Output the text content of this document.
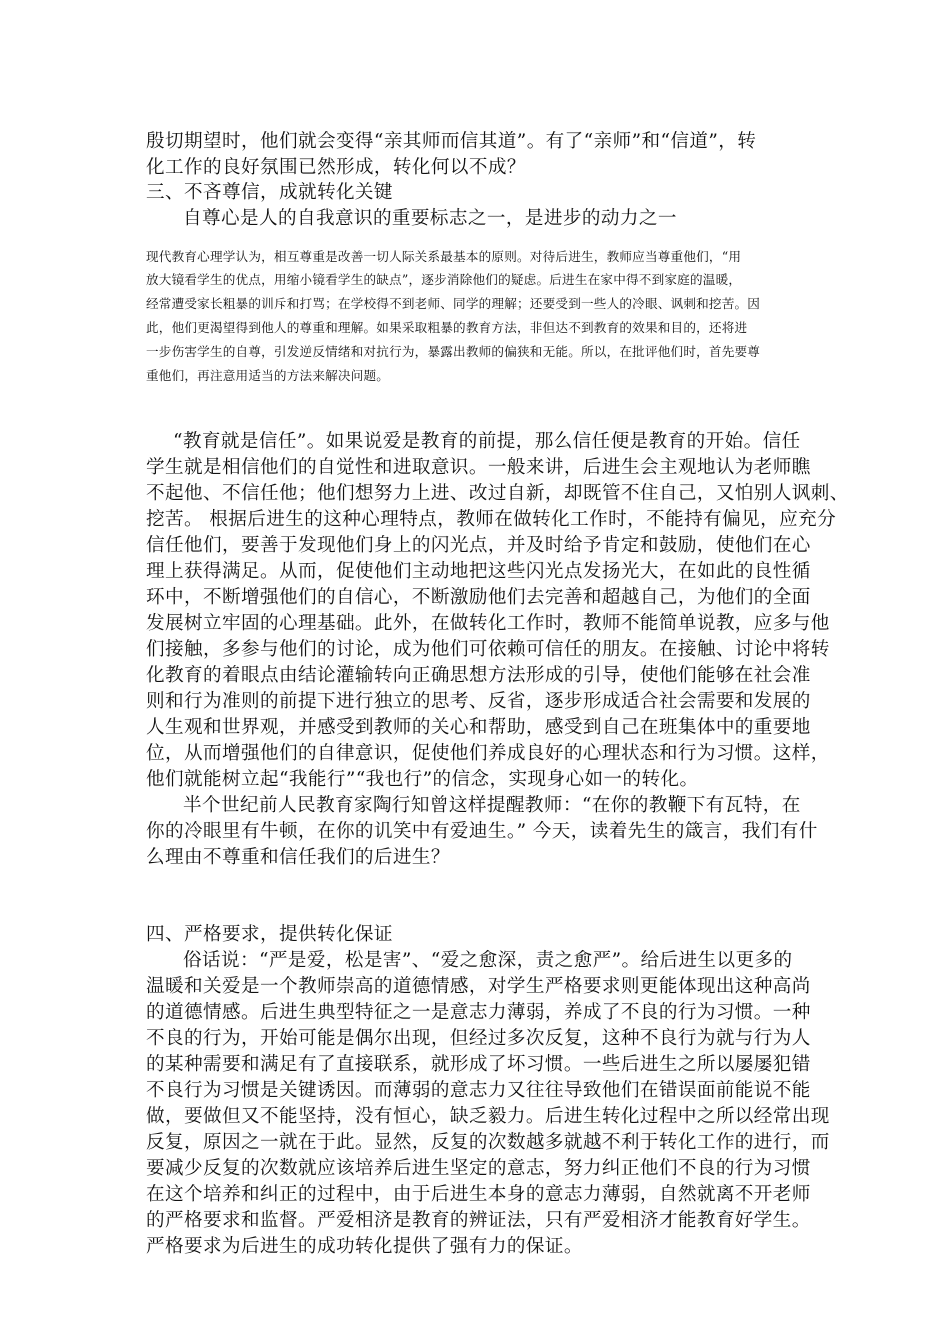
殷切期望时，他们就会变得“亲其师而信其道”。有了“亲师”和“信道”，转
化工作的良好氛围已然形成，转化何以不成？
三、不吝尊信，成就转化关键
自尊心是人的自我意识的重要标志之一，是进步的动力之一
现代教育心理学认为，相互尊重是改善一切人际关系最基本的原则。对待后进生，教师应当尊重他们，“用
放大镜看学生的优点，用缩小镜看学生的缺点”，逐步消除他们的疑虑。后进生在家中得不到家庭的温暖，
经常遭受家长粗暴的训斥和打骂；在学校得不到老师、同学的理解；还要受到一些人的冷眼、讽刺和挖苦。因
此，他们更渴望得到他人的尊重和理解。如果采取粗暴的教育方法，非但达不到教育的效果和目的，还将进
一步伤害学生的自尊，引发逆反情绪和对抗行为，暴露出教师的偏狭和无能。所以，在批评他们时，首先要尊
重他们，再注意用适当的方法来解决问题。
“教育就是信任”。如果说爱是教育的前提，那么信任便是教育的开始。信任
学生就是相信他们的自觉性和进取意识。一般来讲，后进生会主观地认为老师瞧
不起他、不信任他；他们想努力上进、改过自新，却既管不住自己，又怕别人讽刺、
挖苦。 根据后进生的这种心理特点，教师在做转化工作时，不能持有偏见，应充分
信任他们，要善于发现他们身上的闪光点，并及时给予肯定和鼓励，使他们在心
理上获得满足。从而，促使他们主动地把这些闪光点发扬光大，在如此的良性循
环中，不断增强他们的自信心，不断激励他们去完善和超越自己，为他们的全面
发展树立牢固的心理基础。此外，在做转化工作时，教师不能简单说教，应多与他
们接触，多参与他们的讨论，成为他们可依赖可信任的朋友。在接触、讨论中将转
化教育的着眼点由结论灌输转向正确思想方法形成的引导，使他们能够在社会准
则和行为准则的前提下进行独立的思考、反省，逐步形成适合社会需要和发展的
人生观和世界观，并感受到教师的关心和帮助，感受到自己在班集体中的重要地
位，从而增强他们的自律意识，促使他们养成良好的心理状态和行为习惯。这样，
他们就能树立起“我能行”“我也行”的信念，实现身心如一的转化。
半个世纪前人民教育家陶行知曾这样提醒教师：“在你的教鞭下有瓦特，在
你的冷眼里有牛顿，在你的讥笑中有爱迪生。” 今天，读着先生的箴言，我们有什
么理由不尊重和信任我们的后进生？
四、严格要求，提供转化保证
俗话说：“严是爱，松是害”、“爱之愈深，责之愈严”。给后进生以更多的
温暖和关爱是一个教师崇高的道德情感，对学生严格要求则更能体现出这种高尚
的道德情感。后进生典型特征之一是意志力薄弱，养成了不良的行为习惯。一种
不良的行为，开始可能是偶尔出现，但经过多次反复，这种不良行为就与行为人
的某种需要和满足有了直接联系，就形成了坏习惯。一些后进生之所以屡屡犯错
不良行为习惯是关键诱因。而薄弱的意志力又往往导致他们在错误面前能说不能
做，要做但又不能坚持，没有恒心，缺乏毅力。后进生转化过程中之所以经常出现
反复，原因之一就在于此。显然，反复的次数越多就越不利于转化工作的进行，而
要减少反复的次数就应该培养后进生坚定的意志，努力纠正他们不良的行为习惯
在这个培养和纠正的过程中，由于后进生本身的意志力薄弱，自然就离不开老师
的严格要求和监督。严爱相济是教育的辨证法，只有严爱相济才能教育好学生。
严格要求为后进生的成功转化提供了强有力的保证。
